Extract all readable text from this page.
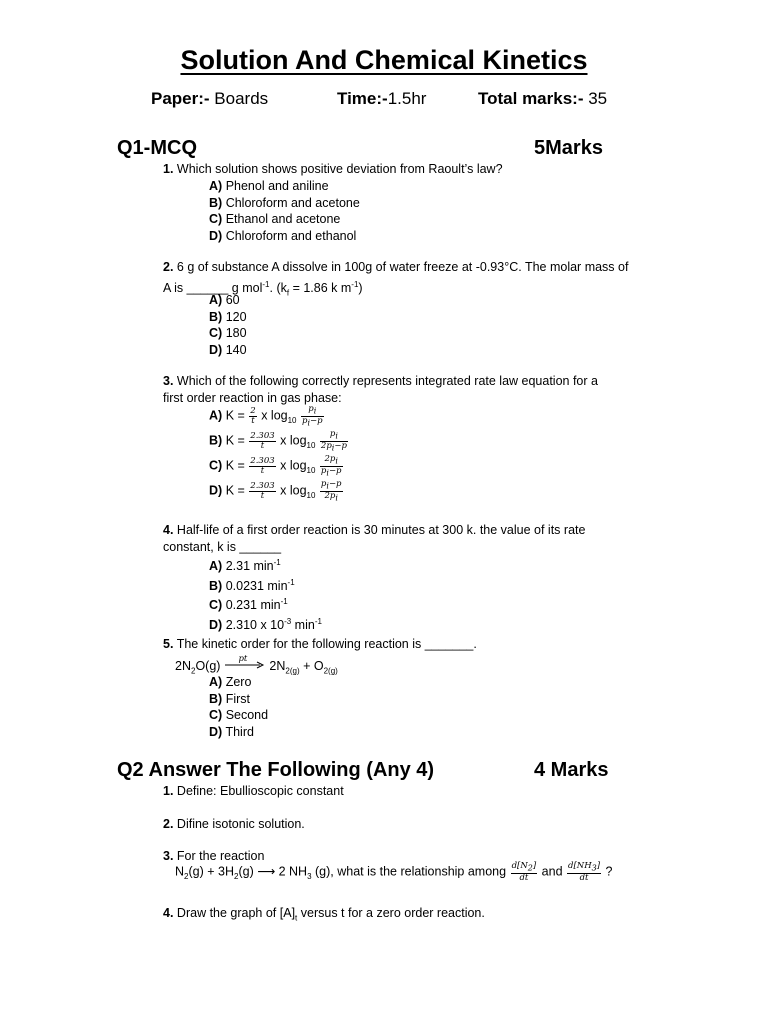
Solution And Chemical Kinetics
Paper:- Boards	Time:-1.5hr	Total marks:- 35
Q1-MCQ	5Marks
1. Which solution shows positive deviation from Raoult’s law?
A) Phenol and aniline
B) Chloroform and acetone
C) Ethanol and acetone
D) Chloroform and ethanol
2. 6 g of substance A dissolve in 100g of water freeze at -0.93°C. The molar mass of
A is ______ g mol$^{-1}$. ($k_f = 1.86$ k $m^{-1}$)
A) 60
B) 120
C) 180
D) 140
3. Which of the following correctly represents integrated rate law equation for a
first order reaction in gas phase:
A) $K = \frac{2}{t}$ x $\log_{10} \frac{p_i}{p_i-p}$
B) $K = \frac{2.303}{t}$ x $\log_{10} \frac{p_i}{2p_i-p}$
C) $K = \frac{2.303}{t}$ x $\log_{10} \frac{2p_i}{p_i-p}$
D) $K = \frac{2.303}{t}$ x $\log_{10} \frac{p_i-p}{2p_i}$
4. Half-life of a first order reaction is 30 minutes at 300 k. the value of its rate
constant, k is ______
A) 2.31 $\min^{-1}$
B) 0.0231 $\min^{-1}$
C) 0.231 $\min^{-1}$
D) 2.310 x $10^{-3}$ $\min^{-1}$
5. The kinetic order for the following reaction is _______.
$2N_2O(g)$	pt	$2N_{2(g)} + O_{2(g)}$
A) Zero
B) First
C) Second
D) Third
Q2 Answer The Following (Any 4)	4 Marks
1. Define: Ebullioscopic constant
2. Difine isotonic solution.
3. For the reaction
$N_2(g) + 3H_2(g)$ ⟶ 2 $NH_3$ (g), what is the relationship among $\frac{d[N_2]}{dt}$ and $\frac{d[NH_3]}{dt}$ ?
4. Draw the graph of $[A]_t$ versus t for a zero order reaction.
